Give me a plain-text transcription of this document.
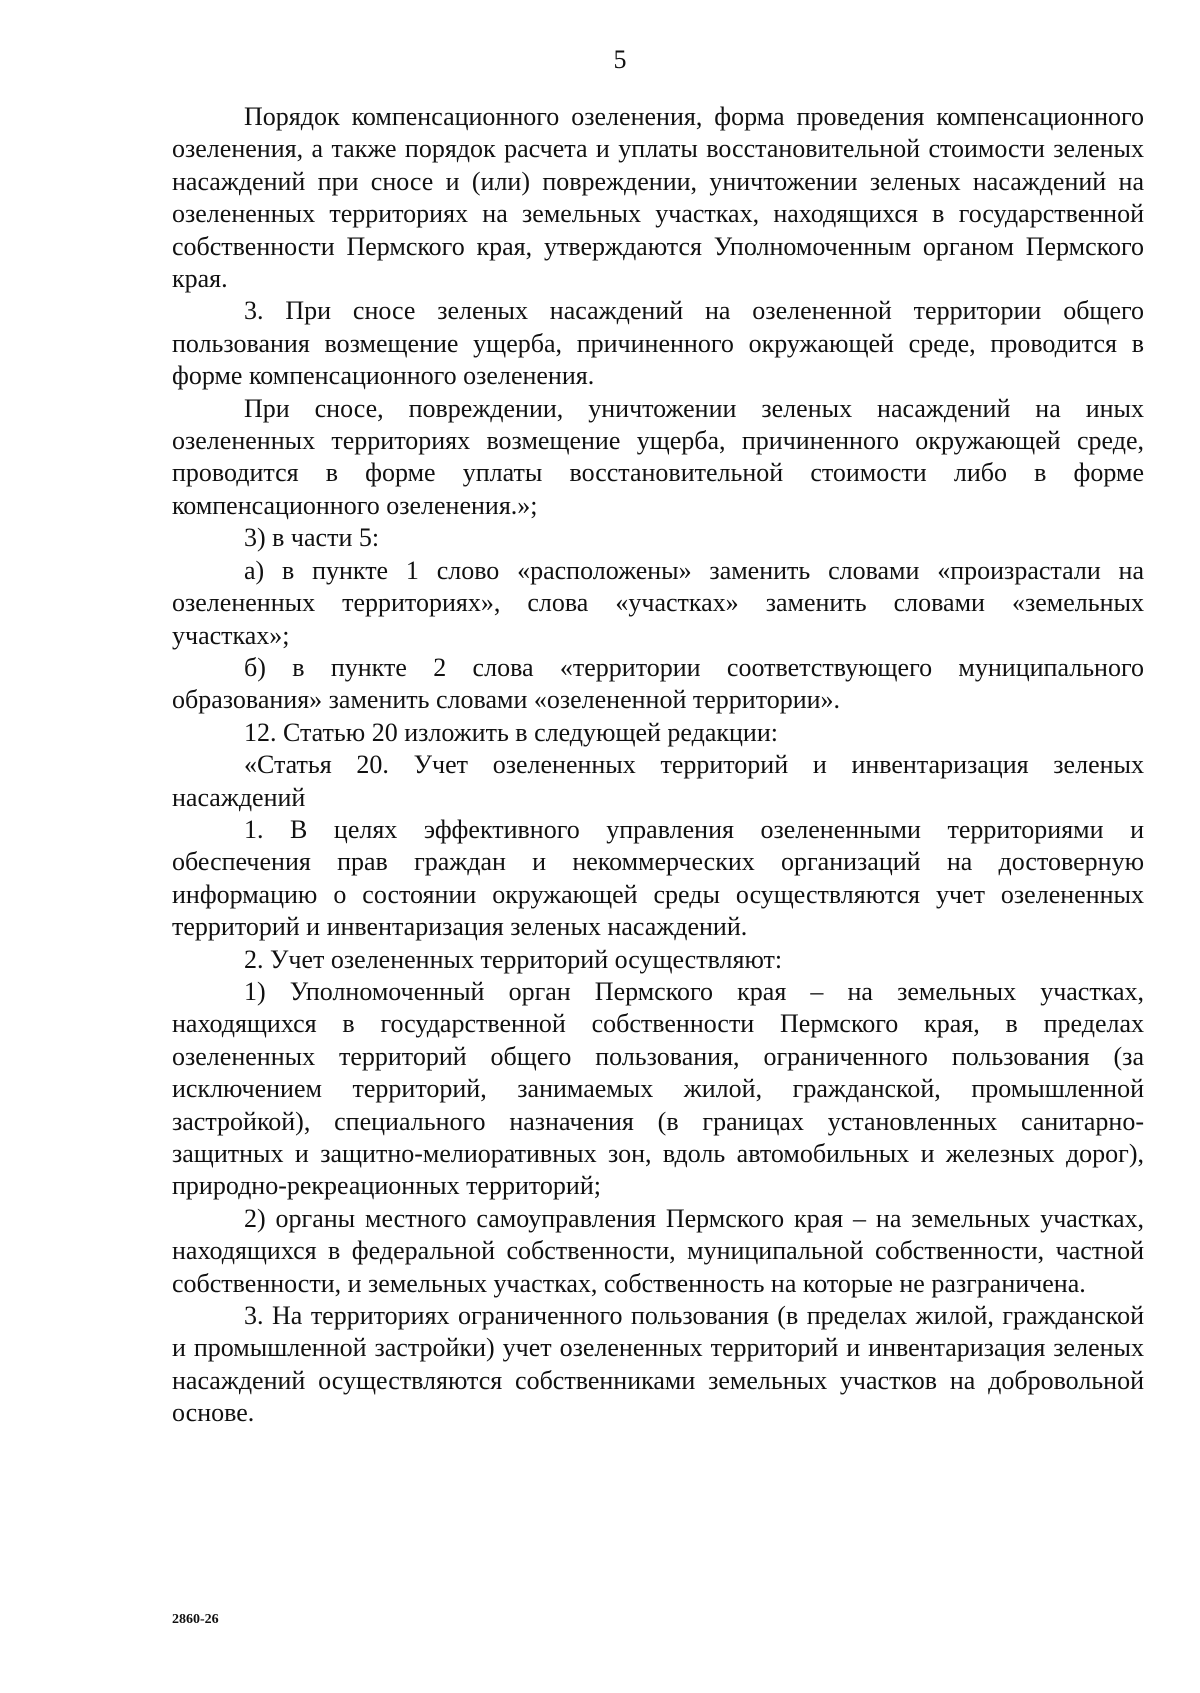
5

Порядок компенсационного озеленения, форма проведения компенсационного озеленения, а также порядок расчета и уплаты восстановительной стоимости зеленых насаждений при сносе и (или) повреждении, уничтожении зеленых насаждений на озелененных территориях на земельных участках, находящихся в государственной собственности Пермского края, утверждаются Уполномоченным органом Пермского края.

3. При сносе зеленых насаждений на озелененной территории общего пользования возмещение ущерба, причиненного окружающей среде, проводится в форме компенсационного озеленения.

При сносе, повреждении, уничтожении зеленых насаждений на иных озелененных территориях возмещение ущерба, причиненного окружающей среде, проводится в форме уплаты восстановительной стоимости либо в форме компенсационного озеленения.»;

3) в части 5:

а) в пункте 1 слово «расположены» заменить словами «произрастали на озелененных территориях», слова «участках» заменить словами «земельных участках»;

б) в пункте 2 слова «территории соответствующего муниципального образования» заменить словами «озелененной территории».

12. Статью 20 изложить в следующей редакции:

«Статья 20. Учет озелененных территорий и инвентаризация зеленых насаждений

1. В целях эффективного управления озелененными территориями и обеспечения прав граждан и некоммерческих организаций на достоверную информацию о состоянии окружающей среды осуществляются учет озелененных территорий и инвентаризация зеленых насаждений.

2. Учет озелененных территорий осуществляют:

1) Уполномоченный орган Пермского края – на земельных участках, находящихся в государственной собственности Пермского края, в пределах озелененных территорий общего пользования, ограниченного пользования (за исключением территорий, занимаемых жилой, гражданской, промышленной застройкой), специального назначения (в границах установленных санитарно-защитных и защитно-мелиоративных зон, вдоль автомобильных и железных дорог), природно-рекреационных территорий;

2) органы местного самоуправления Пермского края – на земельных участках, находящихся в федеральной собственности, муниципальной собственности, частной собственности, и земельных участках, собственность на которые не разграничена.

3. На территориях ограниченного пользования (в пределах жилой, гражданской и промышленной застройки) учет озелененных территорий и инвентаризация зеленых насаждений осуществляются собственниками земельных участков на добровольной основе.

2860-26
